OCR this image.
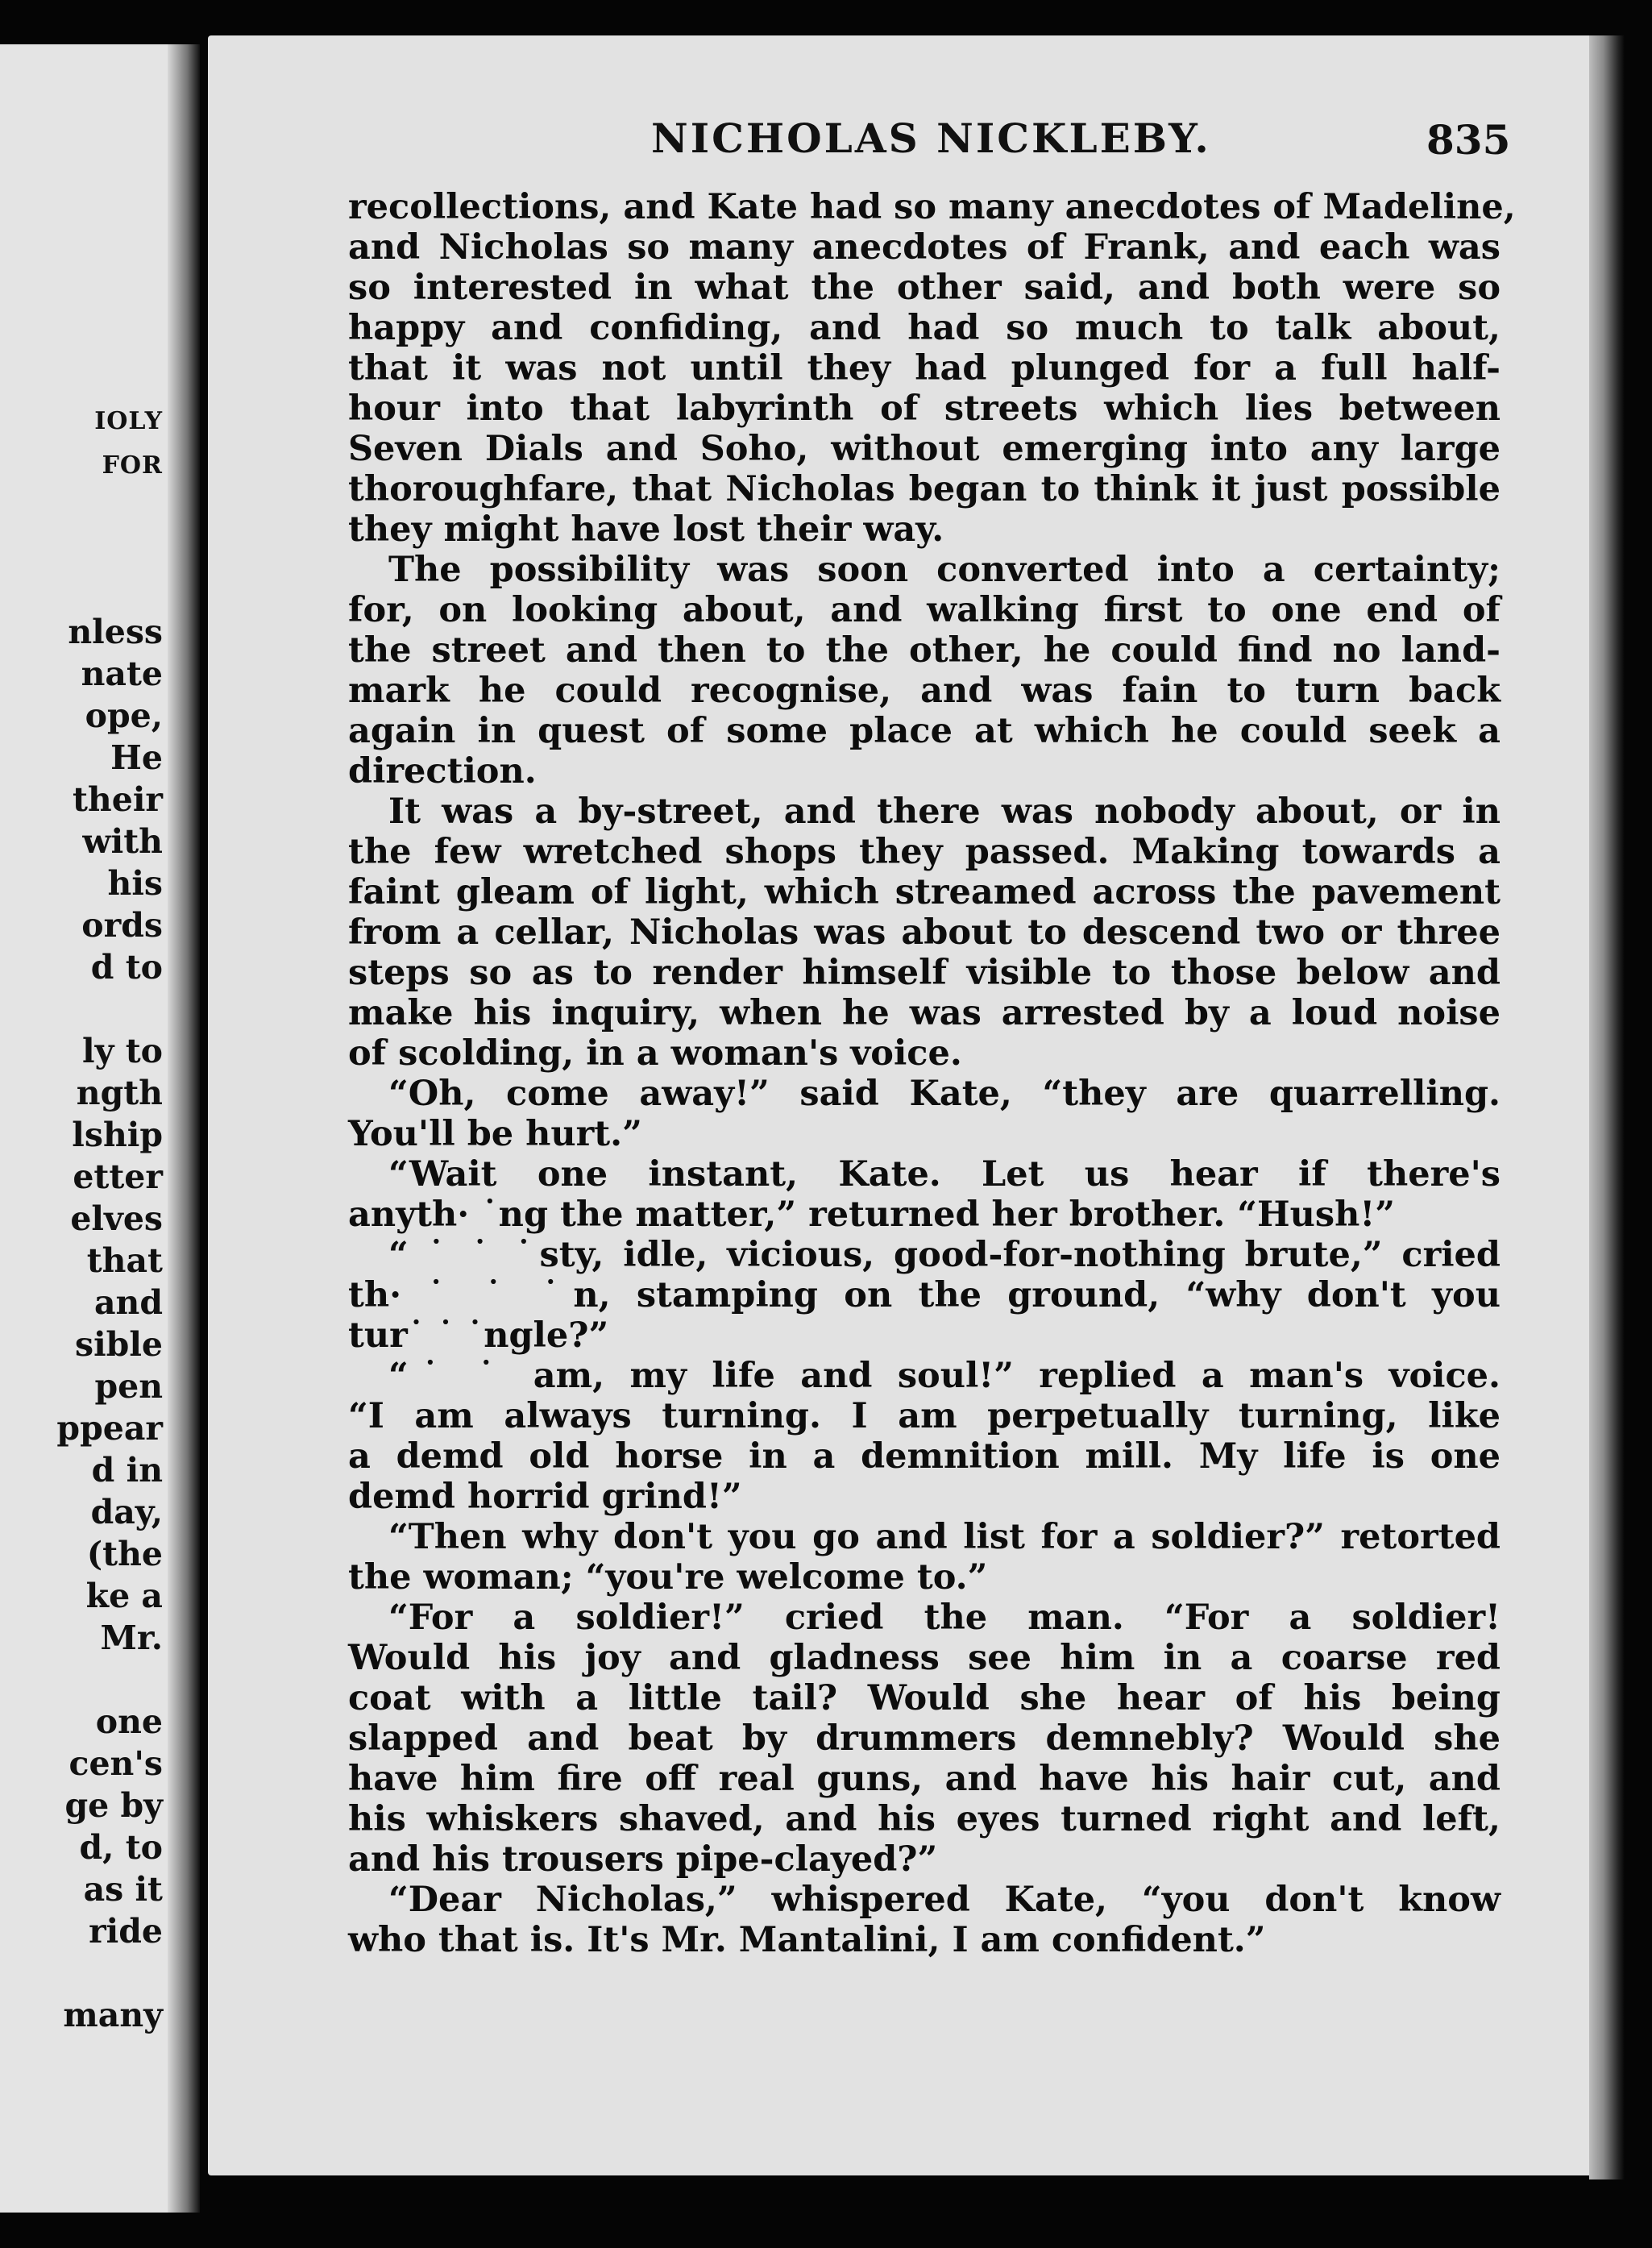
IOLY
FOR
nless
nate
ope,
He
their
with
his
ords
d to
ly to
ngth
lship
etter
elves
that
and
sible
pen
ppear
d in
day,
(the
ke a
Mr.
one
cen's
ge by
d, to
as it
ride
many
NICHOLAS NICKLEBY.	835
recollections, and Kate had so many anecdotes of Madeline,
and Nicholas so many anecdotes of Frank, and each was
so interested in what the other said, and both were so
happy and confiding, and had so much to talk about,
that it was not until they had plunged for a full half-
hour into that labyrinth of streets which lies between
Seven Dials and Soho, without emerging into any large
thoroughfare, that Nicholas began to think it just possible
they might have lost their way.
The possibility was soon converted into a certainty;
for, on looking about, and walking first to one end of
the street and then to the other, he could find no land-
mark he could recognise, and was fain to turn back
again in quest of some place at which he could seek a
direction.
It was a by-street, and there was nobody about, or in
the few wretched shops they passed. Making towards a
faint gleam of light, which streamed across the pavement
from a cellar, Nicholas was about to descend two or three
steps so as to render himself visible to those below and
make his inquiry, when he was arrested by a loud noise
of scolding, in a woman's voice.
“Oh, come away!” said Kate, “they are quarrelling.
You'll be hurt.”
“Wait one instant, Kate. Let us hear if there's
anyth· ˙ng the matter,” returned her brother. “Hush!”
“ ˙ ˙ ˙sty, idle, vicious, good-for-nothing brute,” cried
th· ˙ ˙ ˙n, stamping on the ground, “why don't you
tur˙ ˙ ˙ngle?”
“˙ ˙ am, my life and soul!” replied a man's voice.
“I am always turning. I am perpetually turning, like
a demd old horse in a demnition mill. My life is one
demd horrid grind!”
“Then why don't you go and list for a soldier?” retorted
the woman; “you're welcome to.”
“For a soldier!” cried the man. “For a soldier!
Would his joy and gladness see him in a coarse red
coat with a little tail? Would she hear of his being
slapped and beat by drummers demnebly? Would she
have him fire off real guns, and have his hair cut, and
his whiskers shaved, and his eyes turned right and left,
and his trousers pipe-clayed?”
“Dear Nicholas,” whispered Kate, “you don't know
who that is. It's Mr. Mantalini, I am confident.”
